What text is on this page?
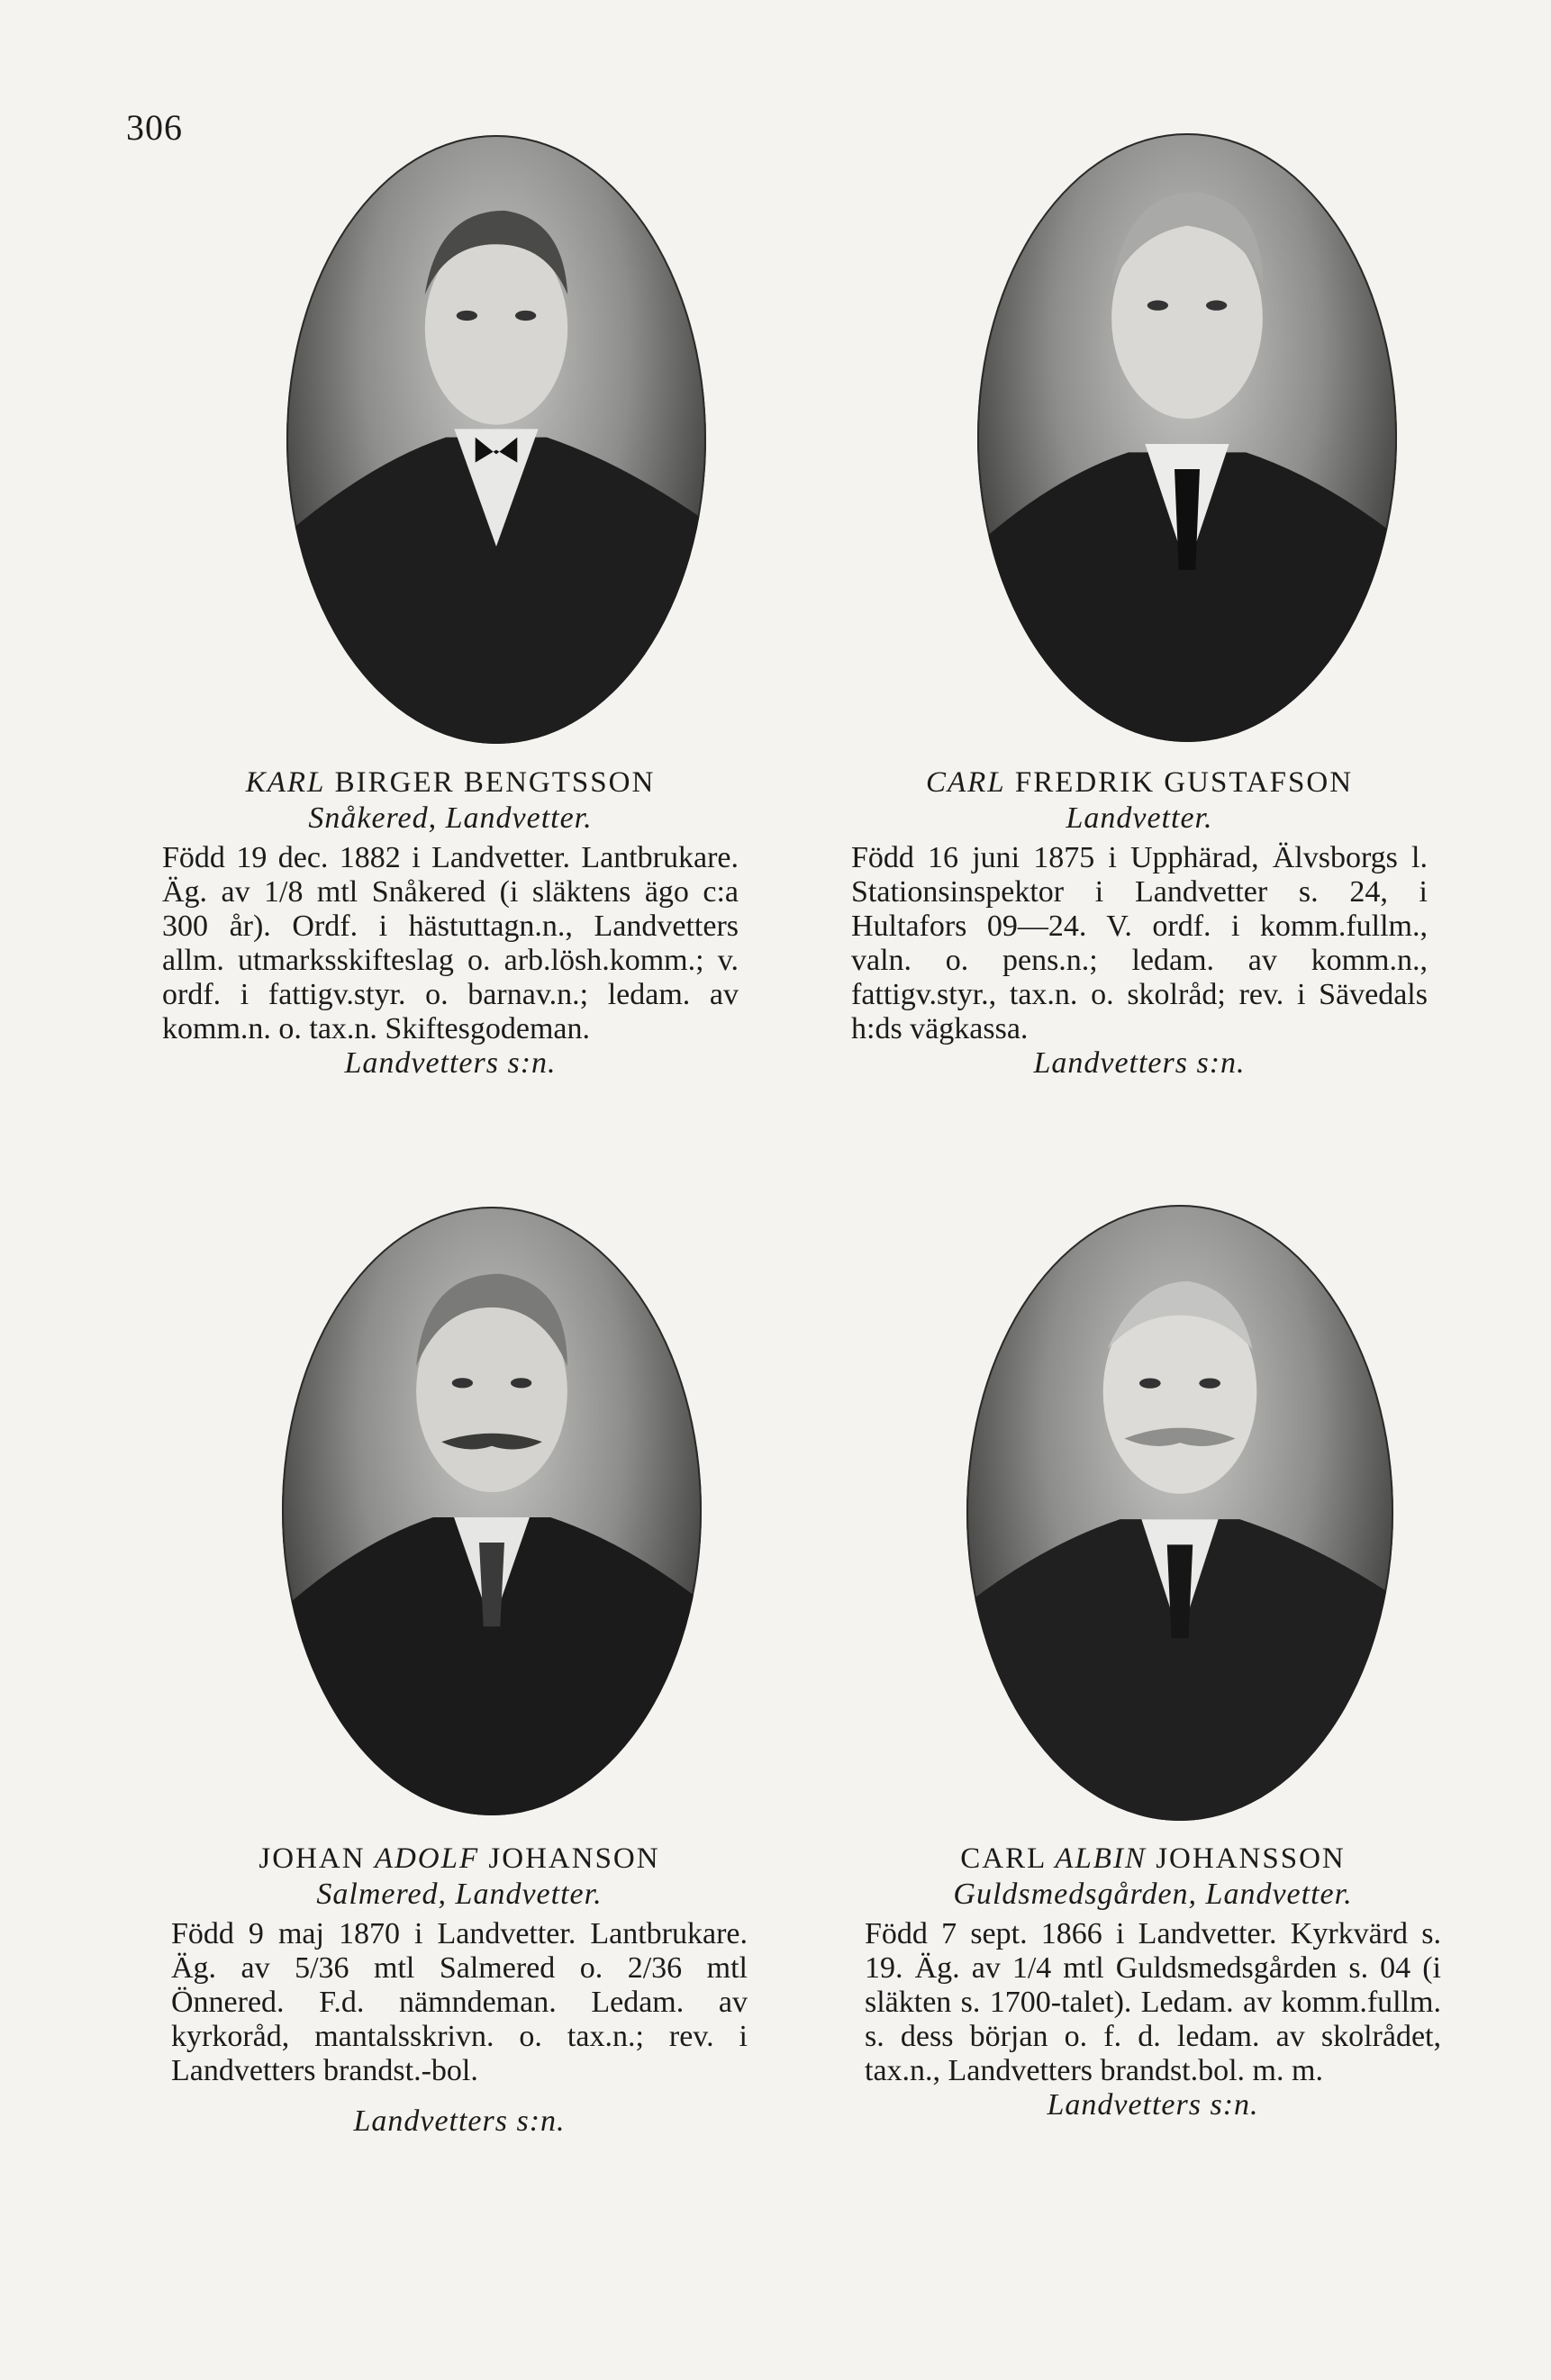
306
KARL BIRGER BENGTSSON
Snåkered, Landvetter.
Född 19 dec. 1882 i Landvetter. Lantbrukare. Äg. av 1/8 mtl Snåkered (i släktens ägo c:a 300 år). Ordf. i hästuttagn.n., Landvetters allm. utmarksskifteslag o. arb.lösh.komm.; v. ordf. i fattigv.styr. o. barnav.n.; ledam. av komm.n. o. tax.n. Skiftesgodeman.
Landvetters s:n.
CARL FREDRIK GUSTAFSON
Landvetter.
Född 16 juni 1875 i Upphärad, Älvsborgs l. Stationsinspektor i Landvetter s. 24, i Hultafors 09—24. V. ordf. i komm.fullm., valn. o. pens.n.; ledam. av komm.n., fattigv.styr., tax.n. o. skolråd; rev. i Sävedals h:ds vägkassa.
Landvetters s:n.
JOHAN ADOLF JOHANSON
Salmered, Landvetter.
Född 9 maj 1870 i Landvetter. Lantbrukare. Äg. av 5/36 mtl Salmered o. 2/36 mtl Önnered. F.d. nämndeman. Ledam. av kyrkoråd, mantalsskrivn. o. tax.n.; rev. i Landvetters brandst.-bol.
Landvetters s:n.
CARL ALBIN JOHANSSON
Guldsmedsgården, Landvetter.
Född 7 sept. 1866 i Landvetter. Kyrkvärd s. 19. Äg. av 1/4 mtl Guldsmedsgården s. 04 (i släkten s. 1700-talet). Ledam. av komm.fullm. s. dess början o. f. d. ledam. av skolrådet, tax.n., Landvetters brandst.bol. m. m.
Landvetters s:n.
